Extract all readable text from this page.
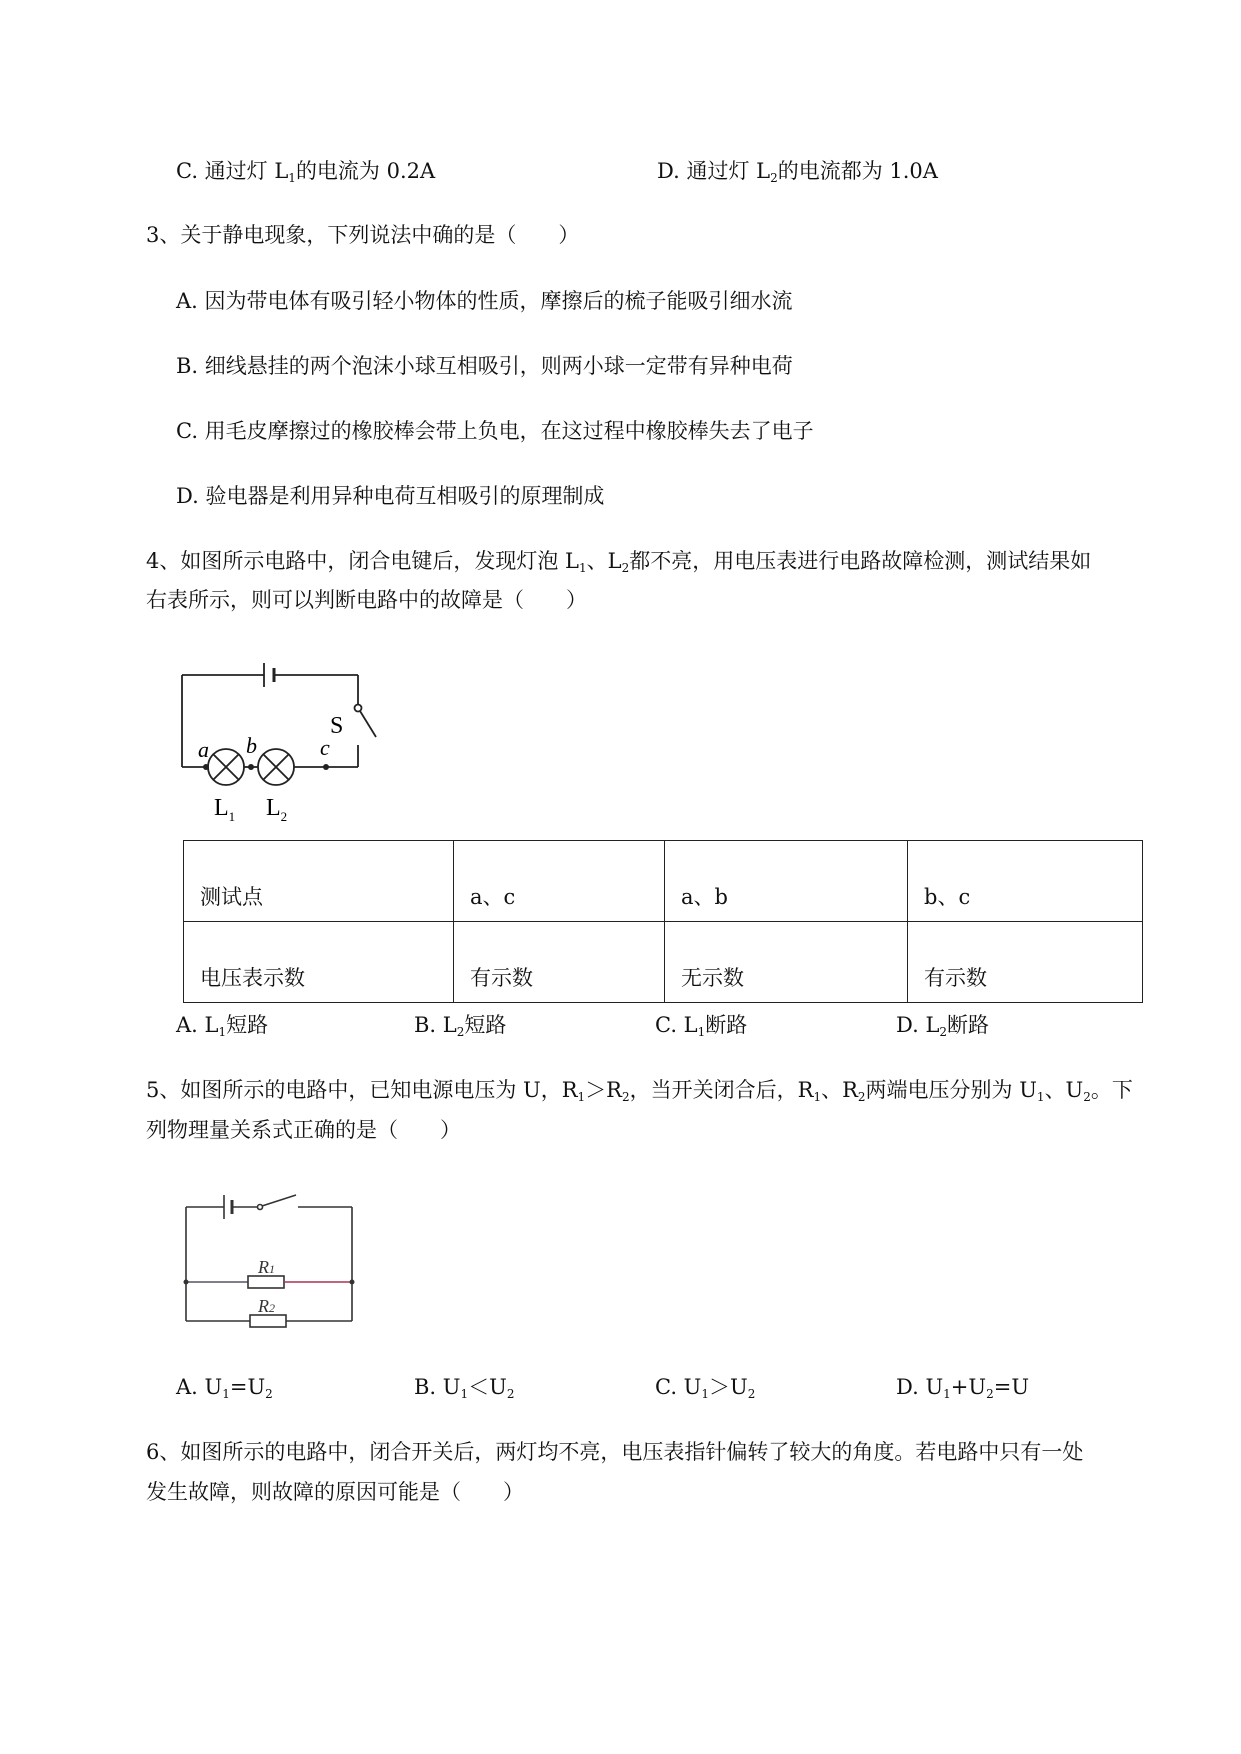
C. 通过灯 $L_1$的电流为 0.2A	D. 通过灯 $L_2$的电流都为 1.0A
3、关于静电现象，下列说法中确的是（　　）
A. 因为带电体有吸引轻小物体的性质，摩擦后的梳子能吸引细水流
B. 细线悬挂的两个泡沫小球互相吸引，则两小球一定带有异种电荷
C. 用毛皮摩擦过的橡胶棒会带上负电，在这过程中橡胶棒失去了电子
D. 验电器是利用异种电荷互相吸引的原理制成
4、如图所示电路中，闭合电键后，发现灯泡 $L_1$、$L_2$都不亮，用电压表进行电路故障检测，测试结果如
右表所示，则可以判断电路中的故障是（　　）
S
a b	c
$L_1$ $L_2$
测试点	a、c	a、b	b、c
电压表示数	有示数	无示数	有示数
A. $L_1$短路	B. $L_2$短路	C. $L_1$断路	D. $L_2$断路
5、如图所示的电路中，已知电源电压为 U，$R_1>R_2$，当开关闭合后，$R_1$、$R_2$两端电压分别为 $U_1$、$U_2$。下
列物理量关系式正确的是（　　）
R1
R2
A. $U_1=U_2$	B. $U_1<U_2$	C. $U_1>U_2$	D. $U_1+U_2=U$
6、如图所示的电路中，闭合开关后，两灯均不亮，电压表指针偏转了较大的角度。若电路中只有一处
发生故障，则故障的原因可能是（　　）
